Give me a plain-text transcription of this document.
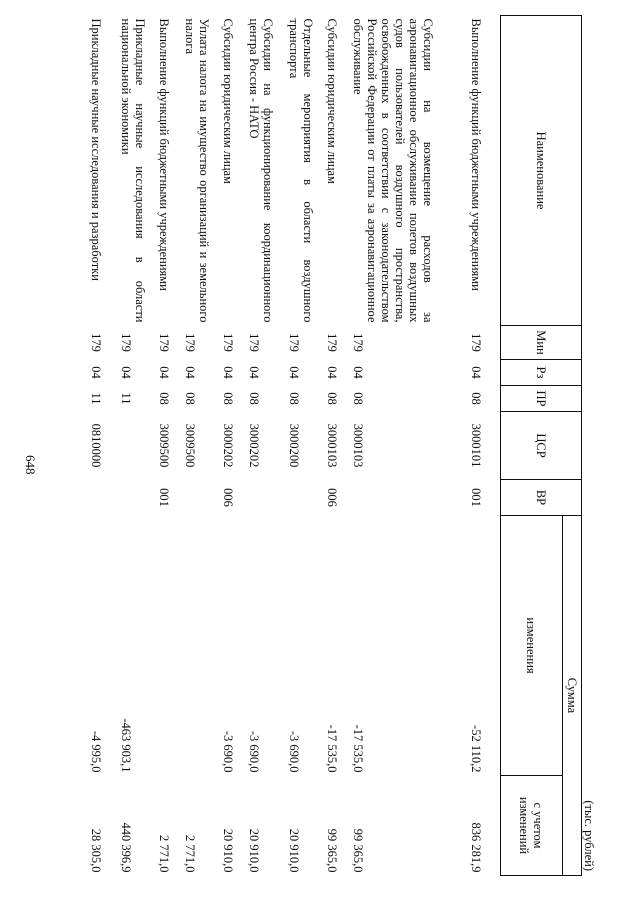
648
(тыс. рублей)
Наименование	Мин	Рз	ПР	ЦСР	ВР	Сумма	
						изменения	с учетом изменений
Выполнение функций бюджетными учреждениями	179	04	08	3000101	001	-52 110,2	836 281,9
Субсидии на возмещение расходов за аэронавигационное обслуживание полетов воздушных судов пользователей воздушного пространства, освобожденных в соответствии с законодательством Российской Федерации от платы за аэронавигационное обслуживание	179	04	08	3000103		-17 535,0	99 365,0
Субсидии юридическим лицам	179	04	08	3000103	006	-17 535,0	99 365,0
Отдельные мероприятия в области воздушного транспорта	179	04	08	3000200		-3 690,0	20 910,0
Субсидии на функционирование координационного центра Россия - НАТО	179	04	08	3000202		-3 690,0	20 910,0
Субсидии юридическим лицам	179	04	08	3000202	006	-3 690,0	20 910,0
Уплата налога на имущество организаций и земельного налога	179	04	08	3009500			2 771,0
Выполнение функций бюджетными учреждениями	179	04	08	3009500	001		2 771,0
Прикладные научные исследования в области национальной экономики	179	04	11			-463 903,1	440 396,9
Прикладные научные исследования и разработки	179	04	11	0810000		-4 995,0	28 305,0
